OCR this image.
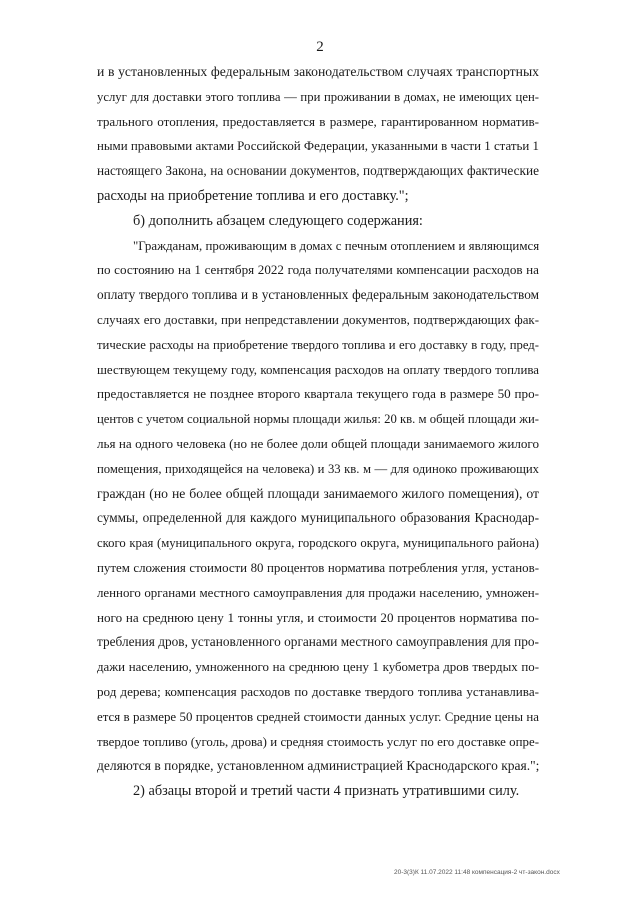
2
и в установленных федеральным законодательством случаях транспортных
услуг для доставки этого топлива — при проживании в домах, не имеющих цен-
трального отопления, предоставляется в размере, гарантированном норматив-
ными правовыми актами Российской Федерации, указанными в части 1 статьи 1
настоящего Закона, на основании документов, подтверждающих фактические
расходы на приобретение топлива и его доставку.";
б) дополнить абзацем следующего содержания:
"Гражданам, проживающим в домах с печным отоплением и являющимся
по состоянию на 1 сентября 2022 года получателями компенсации расходов на
оплату твердого топлива и в установленных федеральным законодательством
случаях его доставки, при непредставлении документов, подтверждающих фак-
тические расходы на приобретение твердого топлива и его доставку в году, пред-
шествующем текущему году, компенсация расходов на оплату твердого топлива
предоставляется не позднее второго квартала текущего года в размере 50 про-
центов с учетом социальной нормы площади жилья: 20 кв. м общей площади жи-
лья на одного человека (но не более доли общей площади занимаемого жилого
помещения, приходящейся на человека) и 33 кв. м — для одиноко проживающих
граждан (но не более общей площади занимаемого жилого помещения), от
суммы, определенной для каждого муниципального образования Краснодар-
ского края (муниципального округа, городского округа, муниципального района)
путем сложения стоимости 80 процентов норматива потребления угля, установ-
ленного органами местного самоуправления для продажи населению, умножен-
ного на среднюю цену 1 тонны угля, и стоимости 20 процентов норматива по-
требления дров, установленного органами местного самоуправления для про-
дажи населению, умноженного на среднюю цену 1 кубометра дров твердых по-
род дерева; компенсация расходов по доставке твердого топлива устанавлива-
ется в размере 50 процентов средней стоимости данных услуг. Средние цены на
твердое топливо (уголь, дрова) и средняя стоимость услуг по его доставке опре-
деляются в порядке, установленном администрацией Краснодарского края.";
2) абзацы второй и третий части 4 признать утратившими силу.
20-3(3)К 11.07.2022 11:48 компенсация-2 чт-закон.docx
